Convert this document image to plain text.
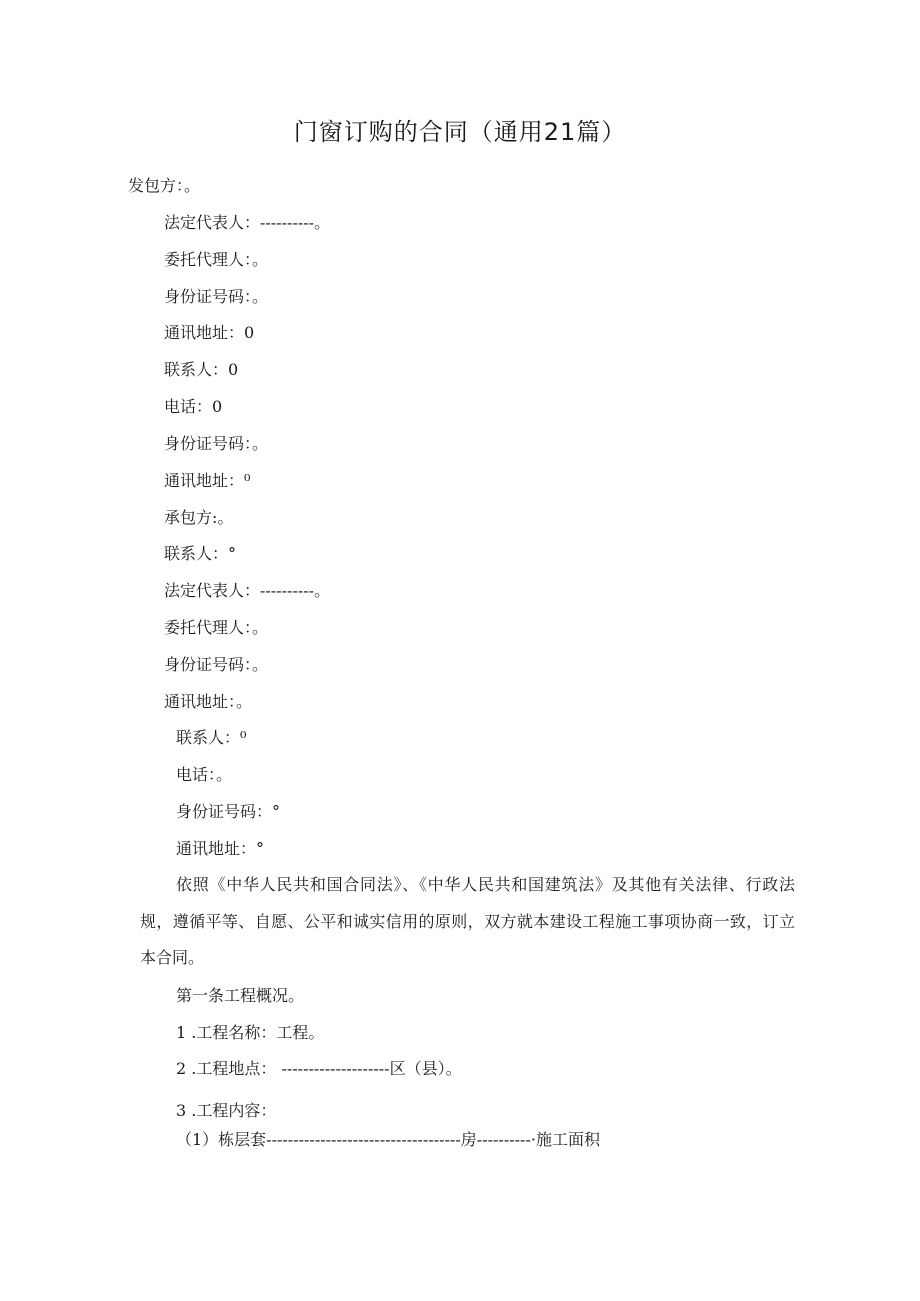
门窗订购的合同（通用21篇）

发包方：。

法定代表人：----------。

委托代理人：。

身份证号码：。

通讯地址：0

联系人：0

电话：0

身份证号码：。

通讯地址：⁰

承包方:。

联系人：°

法定代表人：----------。

委托代理人：。

身份证号码：。

通讯地址：。

联系人：⁰

电话：。

身份证号码：°

通讯地址：°

依照《中华人民共和国合同法》、《中华人民共和国建筑法》及其他有关法律、行政法规，遵循平等、自愿、公平和诚实信用的原则，双方就本建设工程施工事项协商一致，订立本合同。

第一条工程概况。

1 .工程名称：工程。

2 .工程地点： --------------------区（县）。

3 .工程内容：

（1）栋层套------------------------------------房----------·施工面积
